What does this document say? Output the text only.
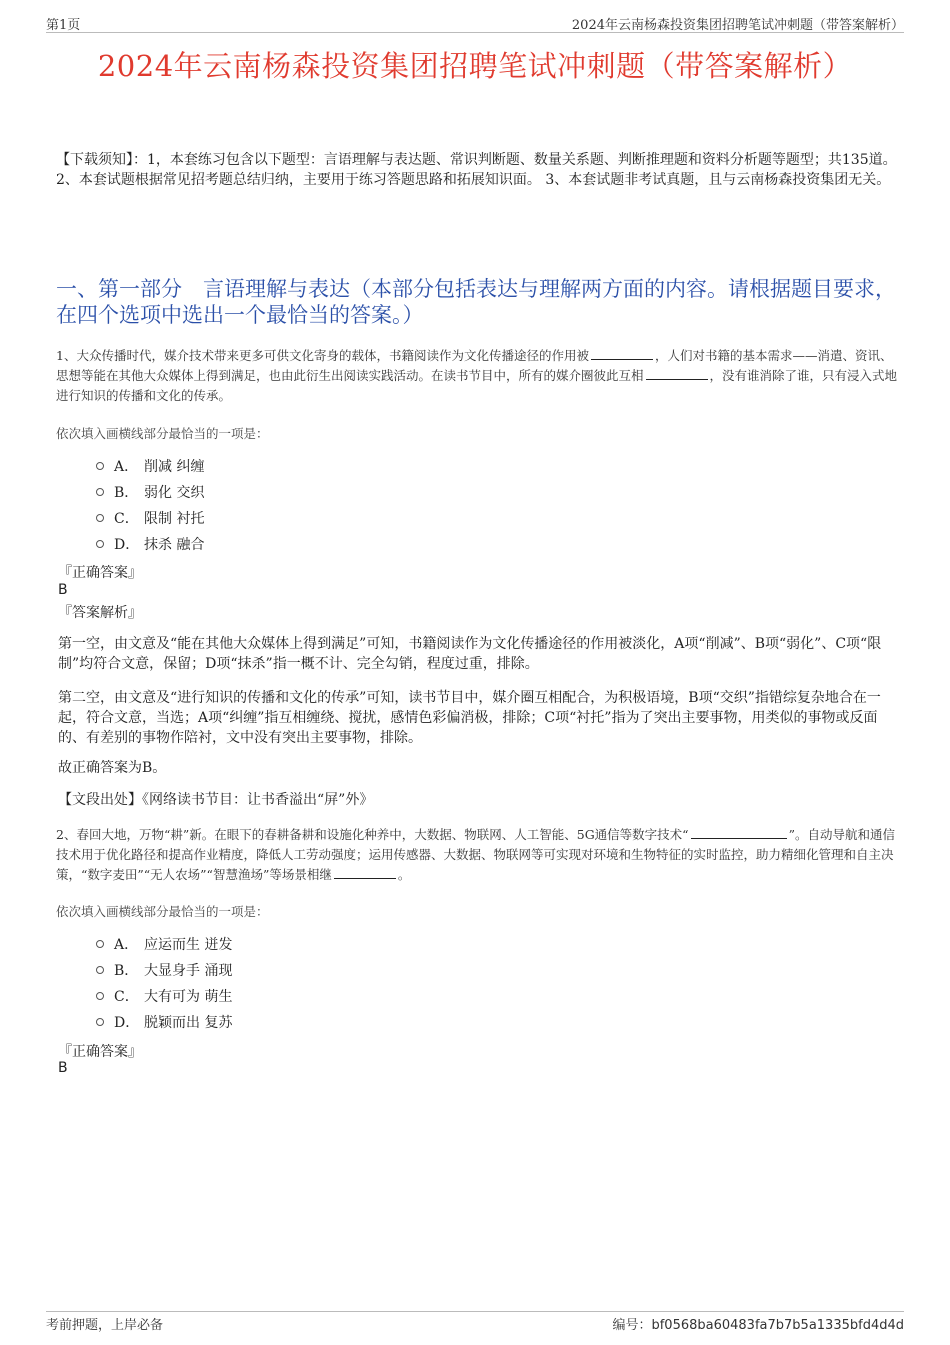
第1页	2024年云南杨森投资集团招聘笔试冲刺题（带答案解析）
2024年云南杨森投资集团招聘笔试冲刺题（带答案解析）
【下载须知】：1，本套练习包含以下题型：言语理解与表达题、常识判断题、数量关系题、判断推理题和资料分析题等题型；共135道。 2、本套试题根据常见招考题总结归纳，主要用于练习答题思路和拓展知识面。 3、本套试题非考试真题，且与云南杨森投资集团无关。
一、第一部分　言语理解与表达（本部分包括表达与理解两方面的内容。请根据题目要求，在四个选项中选出一个最恰当的答案。）
1、大众传播时代，媒介技术带来更多可供文化寄身的载体，书籍阅读作为文化传播途径的作用被	，人们对书籍的基本需求——消遣、资讯、思想等能在其他大众媒体上得到满足，也由此衍生出阅读实践活动。在读书节目中，所有的媒介圈彼此互相	，没有谁消除了谁，只有浸入式地进行知识的传播和文化的传承。
依次填入画横线部分最恰当的一项是：
A． 削减 纠缠
B． 弱化 交织
C． 限制 衬托
D． 抹杀 融合
『正确答案』
B
『答案解析』
第一空，由文意及“能在其他大众媒体上得到满足”可知，书籍阅读作为文化传播途径的作用被淡化，A项“削减”、B项“弱化”、C项“限制”均符合文意，保留；D项“抹杀”指一概不计、完全勾销，程度过重，排除。
第二空，由文意及“进行知识的传播和文化的传承”可知，读书节目中，媒介圈互相配合，为积极语境，B项“交织”指错综复杂地合在一起，符合文意，当选；A项“纠缠”指互相缠绕、搅扰，感情色彩偏消极，排除；C项“衬托”指为了突出主要事物，用类似的事物或反面的、有差别的事物作陪衬，文中没有突出主要事物，排除。
故正确答案为B。
【文段出处】《网络读书节目：让书香溢出“屏”外》
2、春回大地，万物“耕”新。在眼下的春耕备耕和设施化种养中，大数据、物联网、人工智能、5G通信等数字技术“	”。自动导航和通信技术用于优化路径和提高作业精度，降低人工劳动强度；运用传感器、大数据、物联网等可实现对环境和生物特征的实时监控，助力精细化管理和自主决策，“数字麦田”“无人农场”“智慧渔场”等场景相继	。
依次填入画横线部分最恰当的一项是：
A． 应运而生 迸发
B． 大显身手 涌现
C． 大有可为 萌生
D． 脱颖而出 复苏
『正确答案』
B
考前押题，上岸必备	编号：bf0568ba60483fa7b7b5a1335bfd4d4d
